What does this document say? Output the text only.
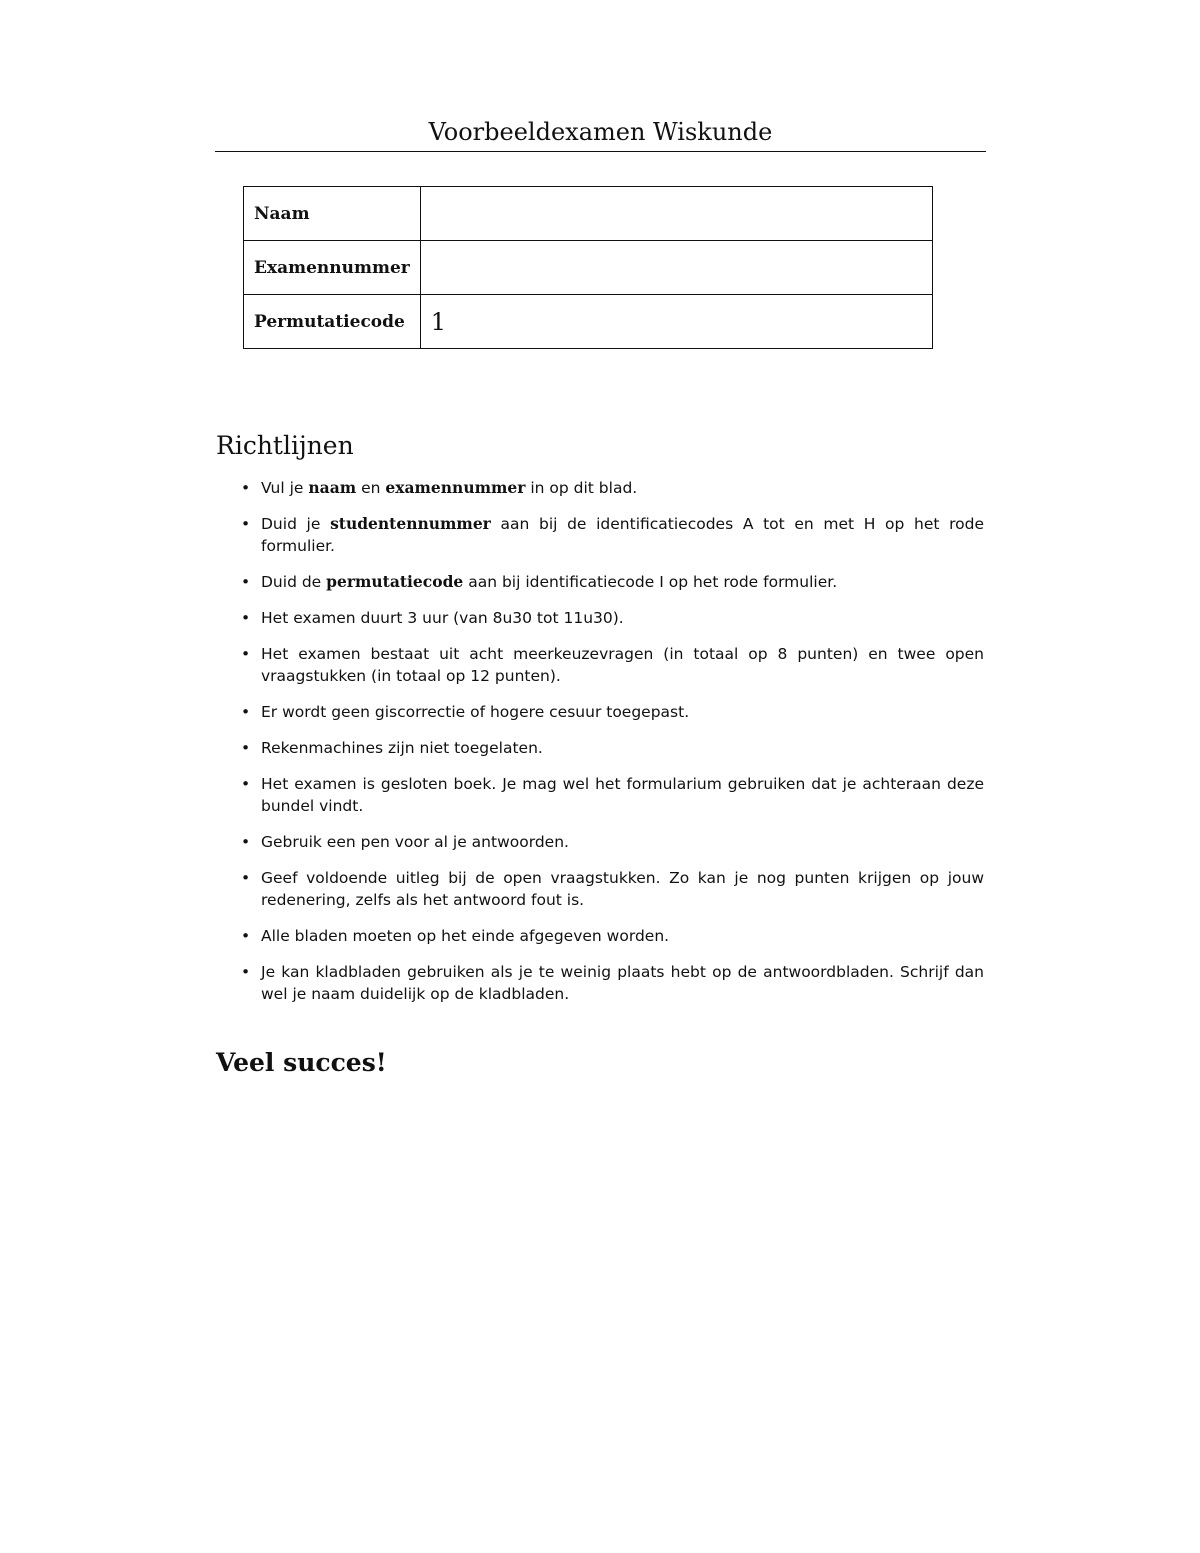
Voorbeeldexamen Wiskunde
Naam	
Examennummer	
Permutatiecode	1
Richtlijnen
• Vul je naam en examennummer in op dit blad.
• Duid je studentennummer aan bij de identificatiecodes A tot en met H op het rode formulier.
• Duid de permutatiecode aan bij identificatiecode I op het rode formulier.
• Het examen duurt 3 uur (van 8u30 tot 11u30).
• Het examen bestaat uit acht meerkeuzevragen (in totaal op 8 punten) en twee open vraagstukken (in totaal op 12 punten).
• Er wordt geen giscorrectie of hogere cesuur toegepast.
• Rekenmachines zijn niet toegelaten.
• Het examen is gesloten boek. Je mag wel het formularium gebruiken dat je achteraan deze bundel vindt.
• Gebruik een pen voor al je antwoorden.
• Geef voldoende uitleg bij de open vraagstukken. Zo kan je nog punten krijgen op jouw redenering, zelfs als het antwoord fout is.
• Alle bladen moeten op het einde afgegeven worden.
• Je kan kladbladen gebruiken als je te weinig plaats hebt op de antwoordbladen. Schrijf dan wel je naam duidelijk op de kladbladen.
Veel succes!
